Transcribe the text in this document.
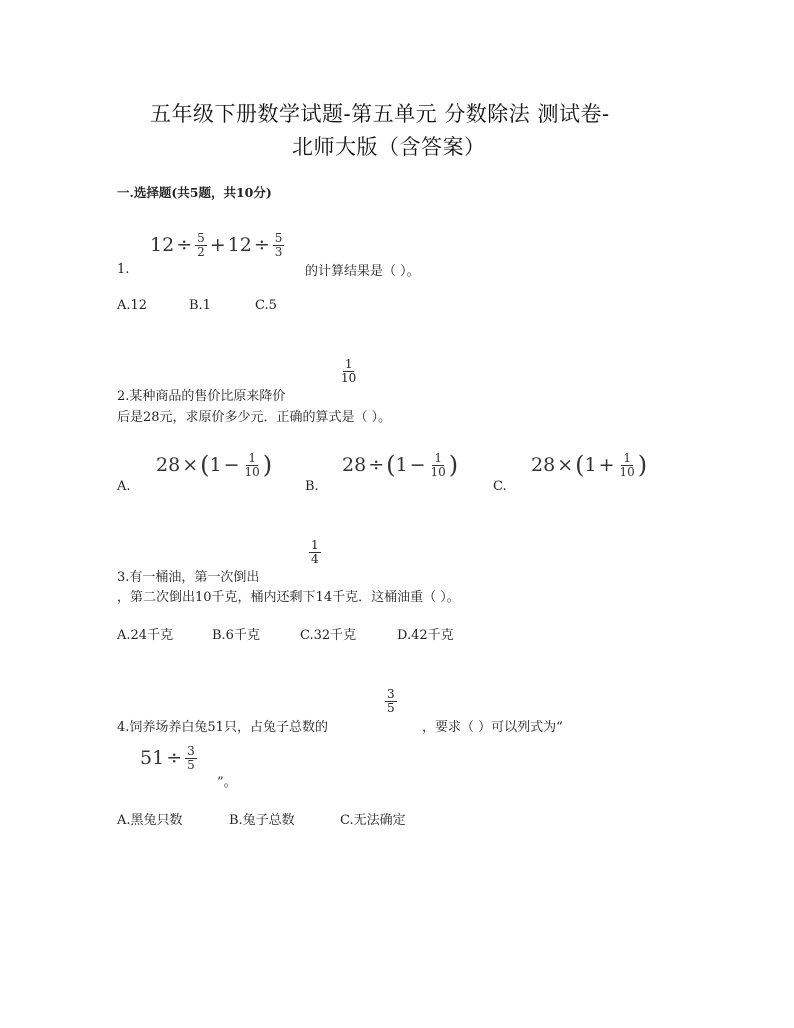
五年级下册数学试题-第五单元 分数除法 测试卷-
北师大版（含答案）
一.选择题(共5题，共10分)
$12 \div \frac{5}{2} + 12 \div \frac{5}{3}$
1.	的计算结果是（ ）。
A.12	B.1	C.5
$\frac{1}{10}$
2.某种商品的售价比原来降价
后是28元，求原价多少元．正确的算式是（ ）。
28 × ( $1 - \frac{1}{10}$ )
A.
28 ÷ ( $1 - \frac{1}{10}$ )
B.
28 × ( $1 + \frac{1}{10}$ )
C.
$\frac{1}{4}$
3.有一桶油，第一次倒出
，第二次倒出10千克，桶内还剩下14千克．这桶油重（ ）。
A.24千克	B.6千克	C.32千克	D.42千克
$\frac{3}{5}$
4.饲养场养白兔51只，占兔子总数的	，要求（ ）可以列式为“
$51 \div \frac{3}{5}$
”。
A.黑兔只数	B.兔子总数	C.无法确定
